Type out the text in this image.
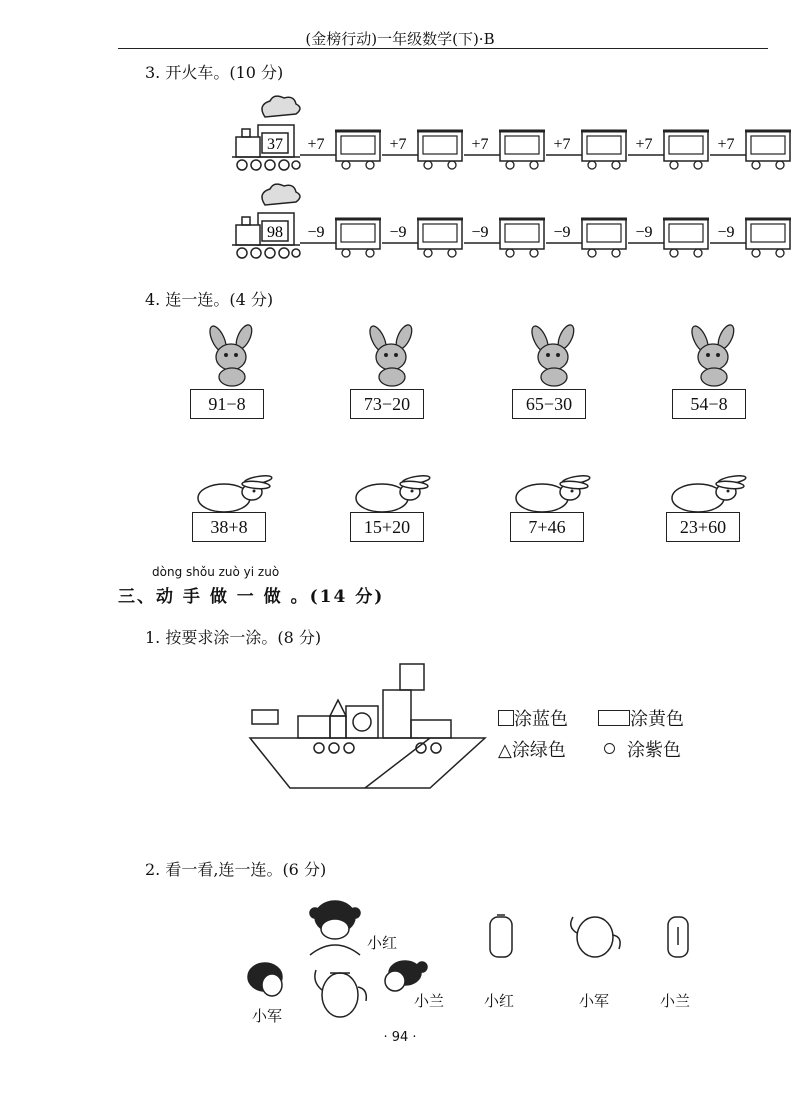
(金榜行动)一年级数学(下)·B
3. 开火车。(10 分)
37 +7	+7	+7	+7	+7	+7
98 −9	−9	−9	−9	−9	−9
4. 连一连。(4 分)
91−8	73−20	65−30	54−8
38+8	15+20	7+46	23+60
dòng shǒu zuò yi zuò
三、动 手 做 一 做 。(14 分)
1. 按要求涂一涂。(8 分)
涂蓝色	涂黄色
△涂绿色	涂紫色
2. 看一看,连一连。(6 分)
小红
小军
小兰	小红	小军	小兰
· 94 ·
